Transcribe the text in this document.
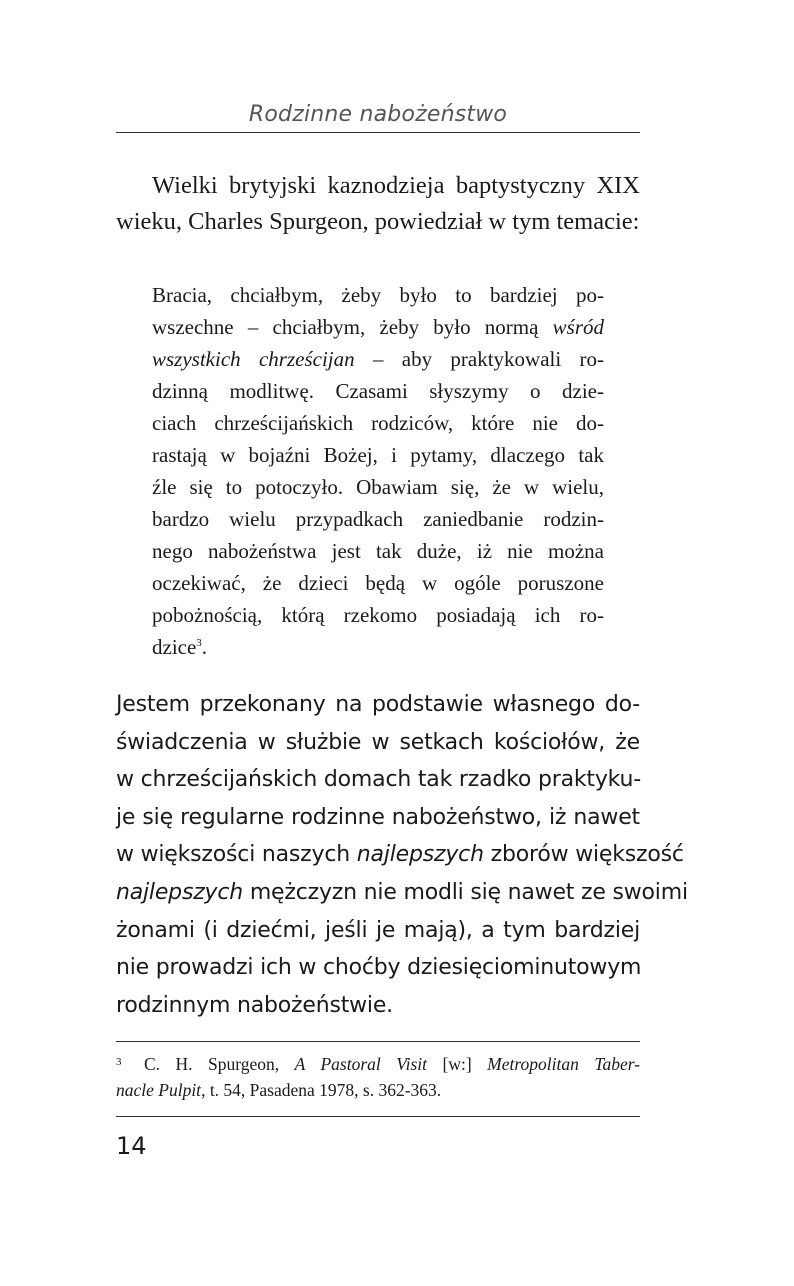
Rodzinne nabożeństwo
Wielki brytyjski kaznodzieja baptystyczny XIX
wieku, Charles Spurgeon, powiedział w tym temacie:
Bracia, chciałbym, żeby było to bardziej po-
wszechne – chciałbym, żeby było normą wśród
wszystkich chrześcijan – aby praktykowali ro-
dzinną modlitwę. Czasami słyszymy o dzie-
ciach chrześcijańskich rodziców, które nie do-
rastają w bojaźni Bożej, i pytamy, dlaczego tak
źle się to potoczyło. Obawiam się, że w wielu,
bardzo wielu przypadkach zaniedbanie rodzin-
nego nabożeństwa jest tak duże, iż nie można
oczekiwać, że dzieci będą w ogóle poruszone
pobożnością, którą rzekomo posiadają ich ro-
dzice$^3$.
Jestem przekonany na podstawie własnego do-
świadczenia w służbie w setkach kościołów, że
w chrześcijańskich domach tak rzadko praktyku-
je się regularne rodzinne nabożeństwo, iż nawet
w większości naszych najlepszych zborów większość
najlepszych mężczyzn nie modli się nawet ze swoimi
żonami (i dziećmi, jeśli je mają), a tym bardziej
nie prowadzi ich w choćby dziesięciominutowym
rodzinnym nabożeństwie.
3 C. H. Spurgeon, A Pastoral Visit [w:] Metropolitan Taber-
nacle Pulpit, t. 54, Pasadena 1978, s. 362-363.
14
